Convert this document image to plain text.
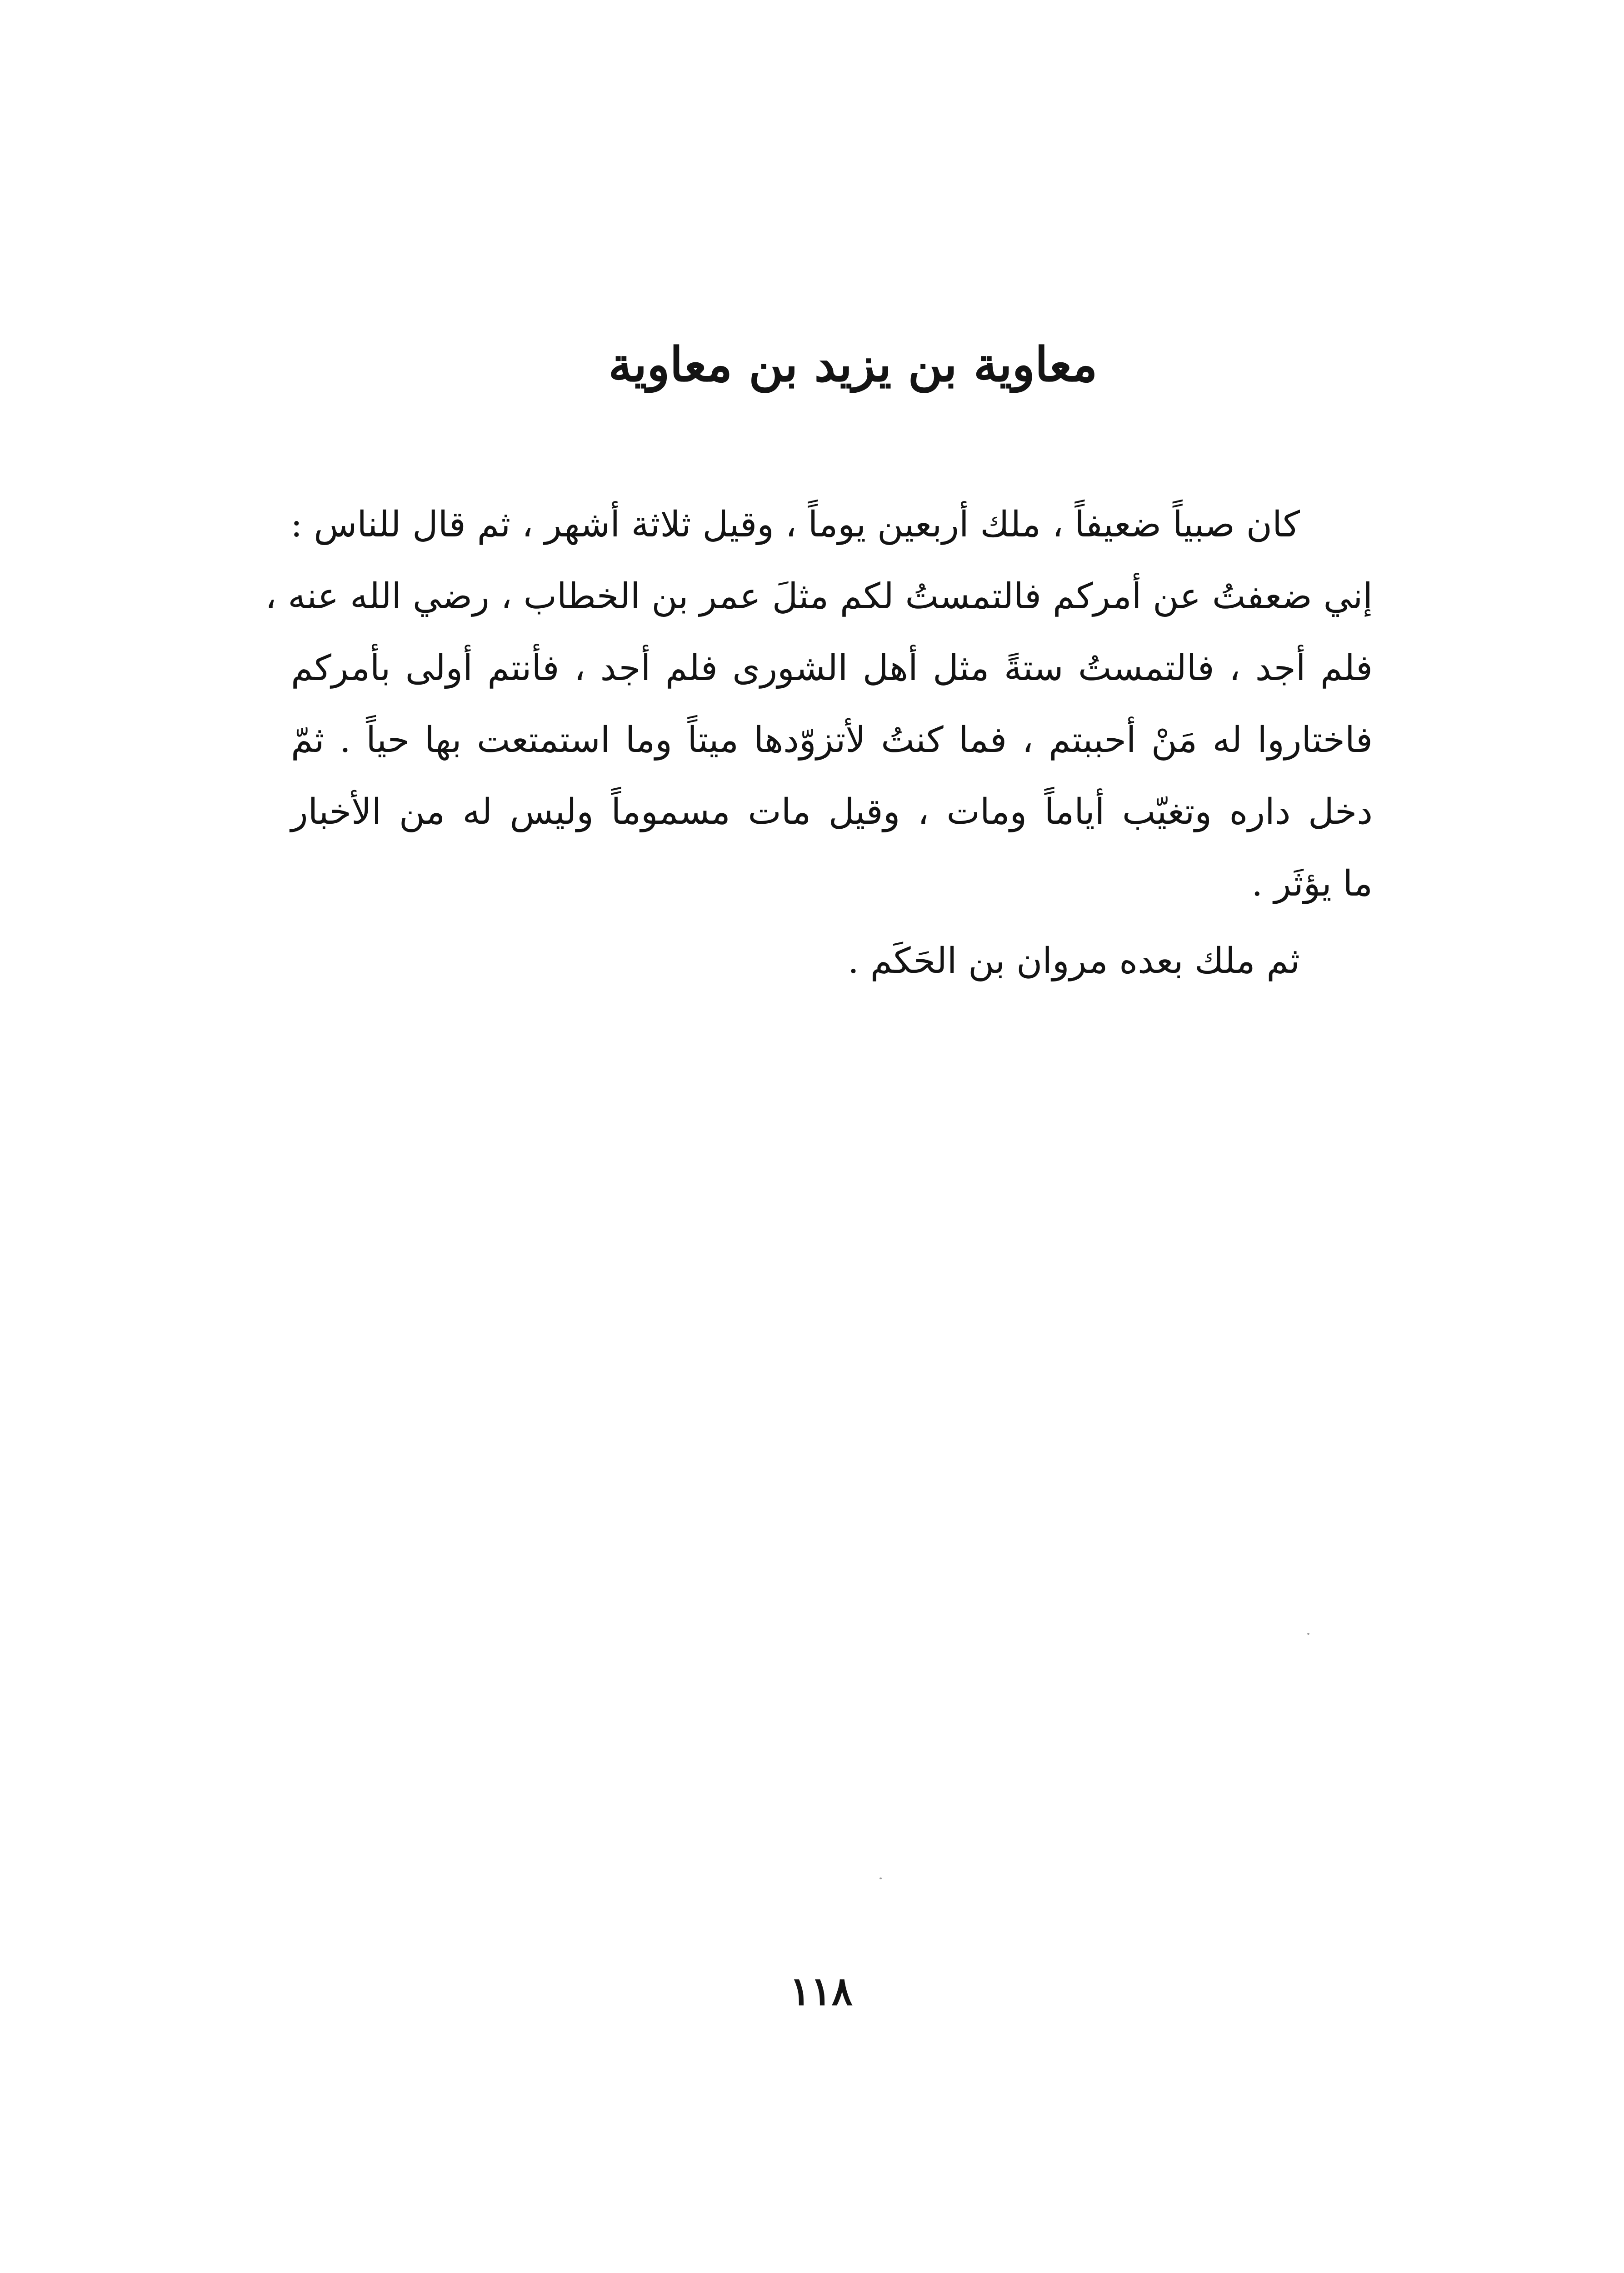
معاوية بن يزيد بن معاوية
كان صبياً ضعيفاً ، ملك أربعين يوماً ، وقيل ثلاثة أشهر ، ثم قال للناس :
إني ضعفتُ عن أمركم فالتمستُ لكم مثلَ عمر بن الخطاب ، رضي الله عنه ،
فلم أجد ، فالتمستُ ستةً مثل أهل الشورى فلم أجد ، فأنتم أولى بأمركم
فاختاروا له مَنْ أحببتم ، فما كنتُ لأتزوّدها ميتاً وما استمتعت بها حياً . ثمّ
دخل داره وتغيّب أياماً ومات ، وقيل مات مسموماً وليس له من الأخبار
ما يؤثَر .
ثم ملك بعده مروان بن الحَكَم .
١١٨
